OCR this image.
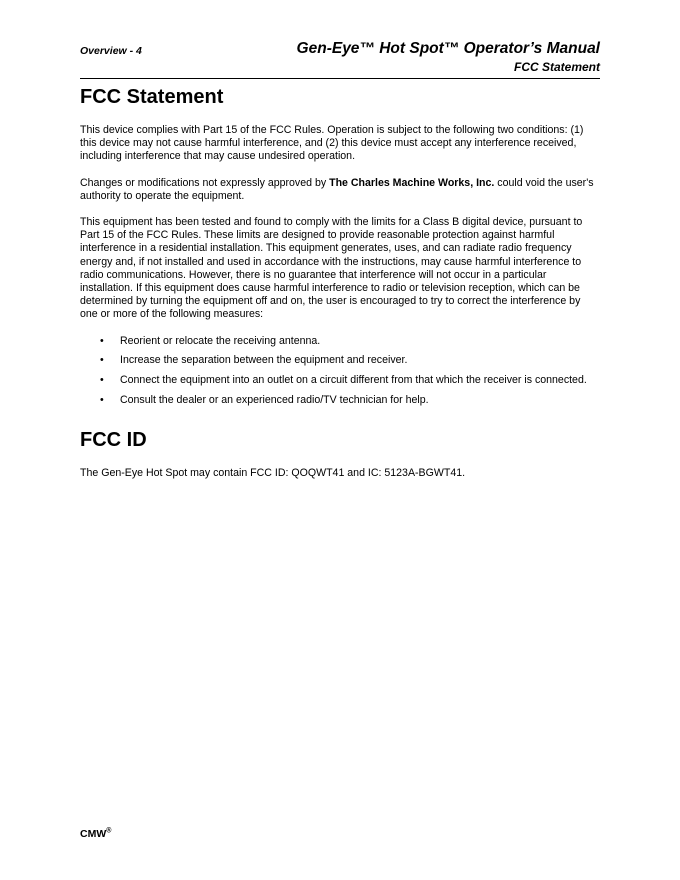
Overview - 4	Gen-Eye™ Hot Spot™ Operator’s Manual
FCC Statement
FCC Statement

This device complies with Part 15 of the FCC Rules. Operation is subject to the following two conditions: (1) this device may not cause harmful interference, and (2) this device must accept any interference received, including interference that may cause undesired operation.

Changes or modifications not expressly approved by The Charles Machine Works, Inc. could void the user's authority to operate the equipment.

This equipment has been tested and found to comply with the limits for a Class B digital device, pursuant to Part 15 of the FCC Rules. These limits are designed to provide reasonable protection against harmful interference in a residential installation. This equipment generates, uses, and can radiate radio frequency energy and, if not installed and used in accordance with the instructions, may cause harmful interference to radio communications. However, there is no guarantee that interference will not occur in a particular installation. If this equipment does cause harmful interference to radio or television reception, which can be determined by turning the equipment off and on, the user is encouraged to try to correct the interference by one or more of the following measures:

• Reorient or relocate the receiving antenna.
• Increase the separation between the equipment and receiver.
• Connect the equipment into an outlet on a circuit different from that which the receiver is connected.
• Consult the dealer or an experienced radio/TV technician for help.
FCC ID

The Gen-Eye Hot Spot may contain FCC ID: QOQWT41 and IC: 5123A-BGWT41.

CMW®
